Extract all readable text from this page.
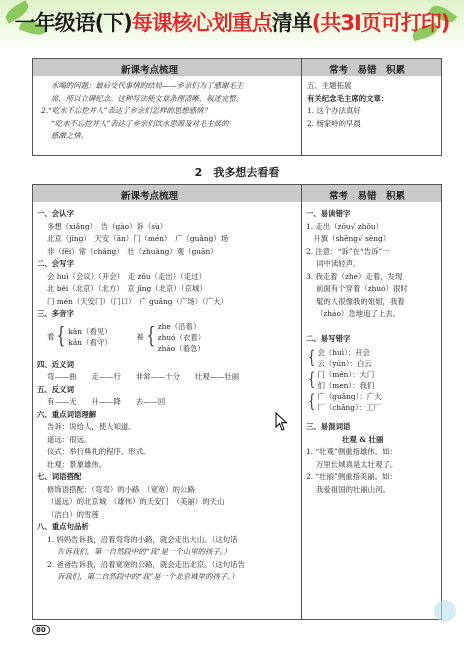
一年级语(下)每课核心划重点清单(共3I页可打印)
新课考点梳理	常考　易错　积累

水喝的问题；最后交代事情的结局——乡亲们为了感谢毛主

席，所以立碑纪念。这种写法使文章条理清晰，叙述完整。

2.“吃水不忘挖井人”表达了乡亲们怎样的思想感情？

“吃水不忘挖井人”表达了乡亲们饮水思源及对毛主席的

感激之情。

五、主题拓展

有关纪念毛主席的文章：

1. 这个办法真好

2. 杨家岭的早晨

2　我多想去看看
新课考点梳理	常考　易错　积累

一、会认字

多想（xiǎng）　告（gào）诉（sù）

北京（jīng）　天安（ān）门（mén）　广（guǎng）场

非（fēi）常（cháng）　壮（zhuàng）观（guān）

二、会写字

会 huì（会议）（开会）　走 zǒu（走出）（走过）

北 běi（北京）（北方）　京 jīng（北京）（京城）

门 mén（天安门）（门口）　广 guǎng（广场）（广大）

三、多音字

看 { kàn（看见）
kān（看守）  着 { zhe（沿着）
zhuó（衣着）
zháo（着急）

四、近义词

弯——曲　　走——行　　非常——十分　　壮观——壮丽

五、反义词

有——无　　升——降　　去——回

六、重点词语理解

告诉：说给人，使人知道。

遥远：很远。

仪式：举行典礼的程序、形式。

壮观：景象雄伟。

七、词语搭配

修饰语搭配：（弯弯）的小路　（宽宽）的公路

（遥远）的北京城　（雄伟）的天安门　（美丽）的天山

（洁白）的雪莲

八、重点句品析

1. 妈妈告诉我，沿着弯弯的小路，就会走出大山。（这句话

告诉我们，第一自然段中的“我”是一个山里的孩子。）

2. 爸爸告诉我，沿着宽宽的公路，就会走出北京。（这句话告

诉我们，第二自然段中的“我”是一个北京城里的孩子。）

一、易读错字

1. 走出（zǒu√ zhǒu）

　升旗（shēng√ sēng）

2. 注意：“诉”在“告诉”一

词中读轻声。

3. 我走着（zhe）走着，发现

前面有个穿着（zhuó）很时

髦的人很像我的姐姐，我着

（zháo）急地追了上去。

二、易写错字

{ 会（huì）：开会
云（yún）：白云

{ 门（mén）：大门
们（men）：我们

{ 广（guǎng）：广大
厂（chǎng）：工厂

三、易混词语

壮观 & 壮丽

1. “壮观”侧重指雄伟。如：

万里长城真是太壮观了。

2. “壮丽”侧重指美丽。如：

我爱祖国的壮丽山河。

80
